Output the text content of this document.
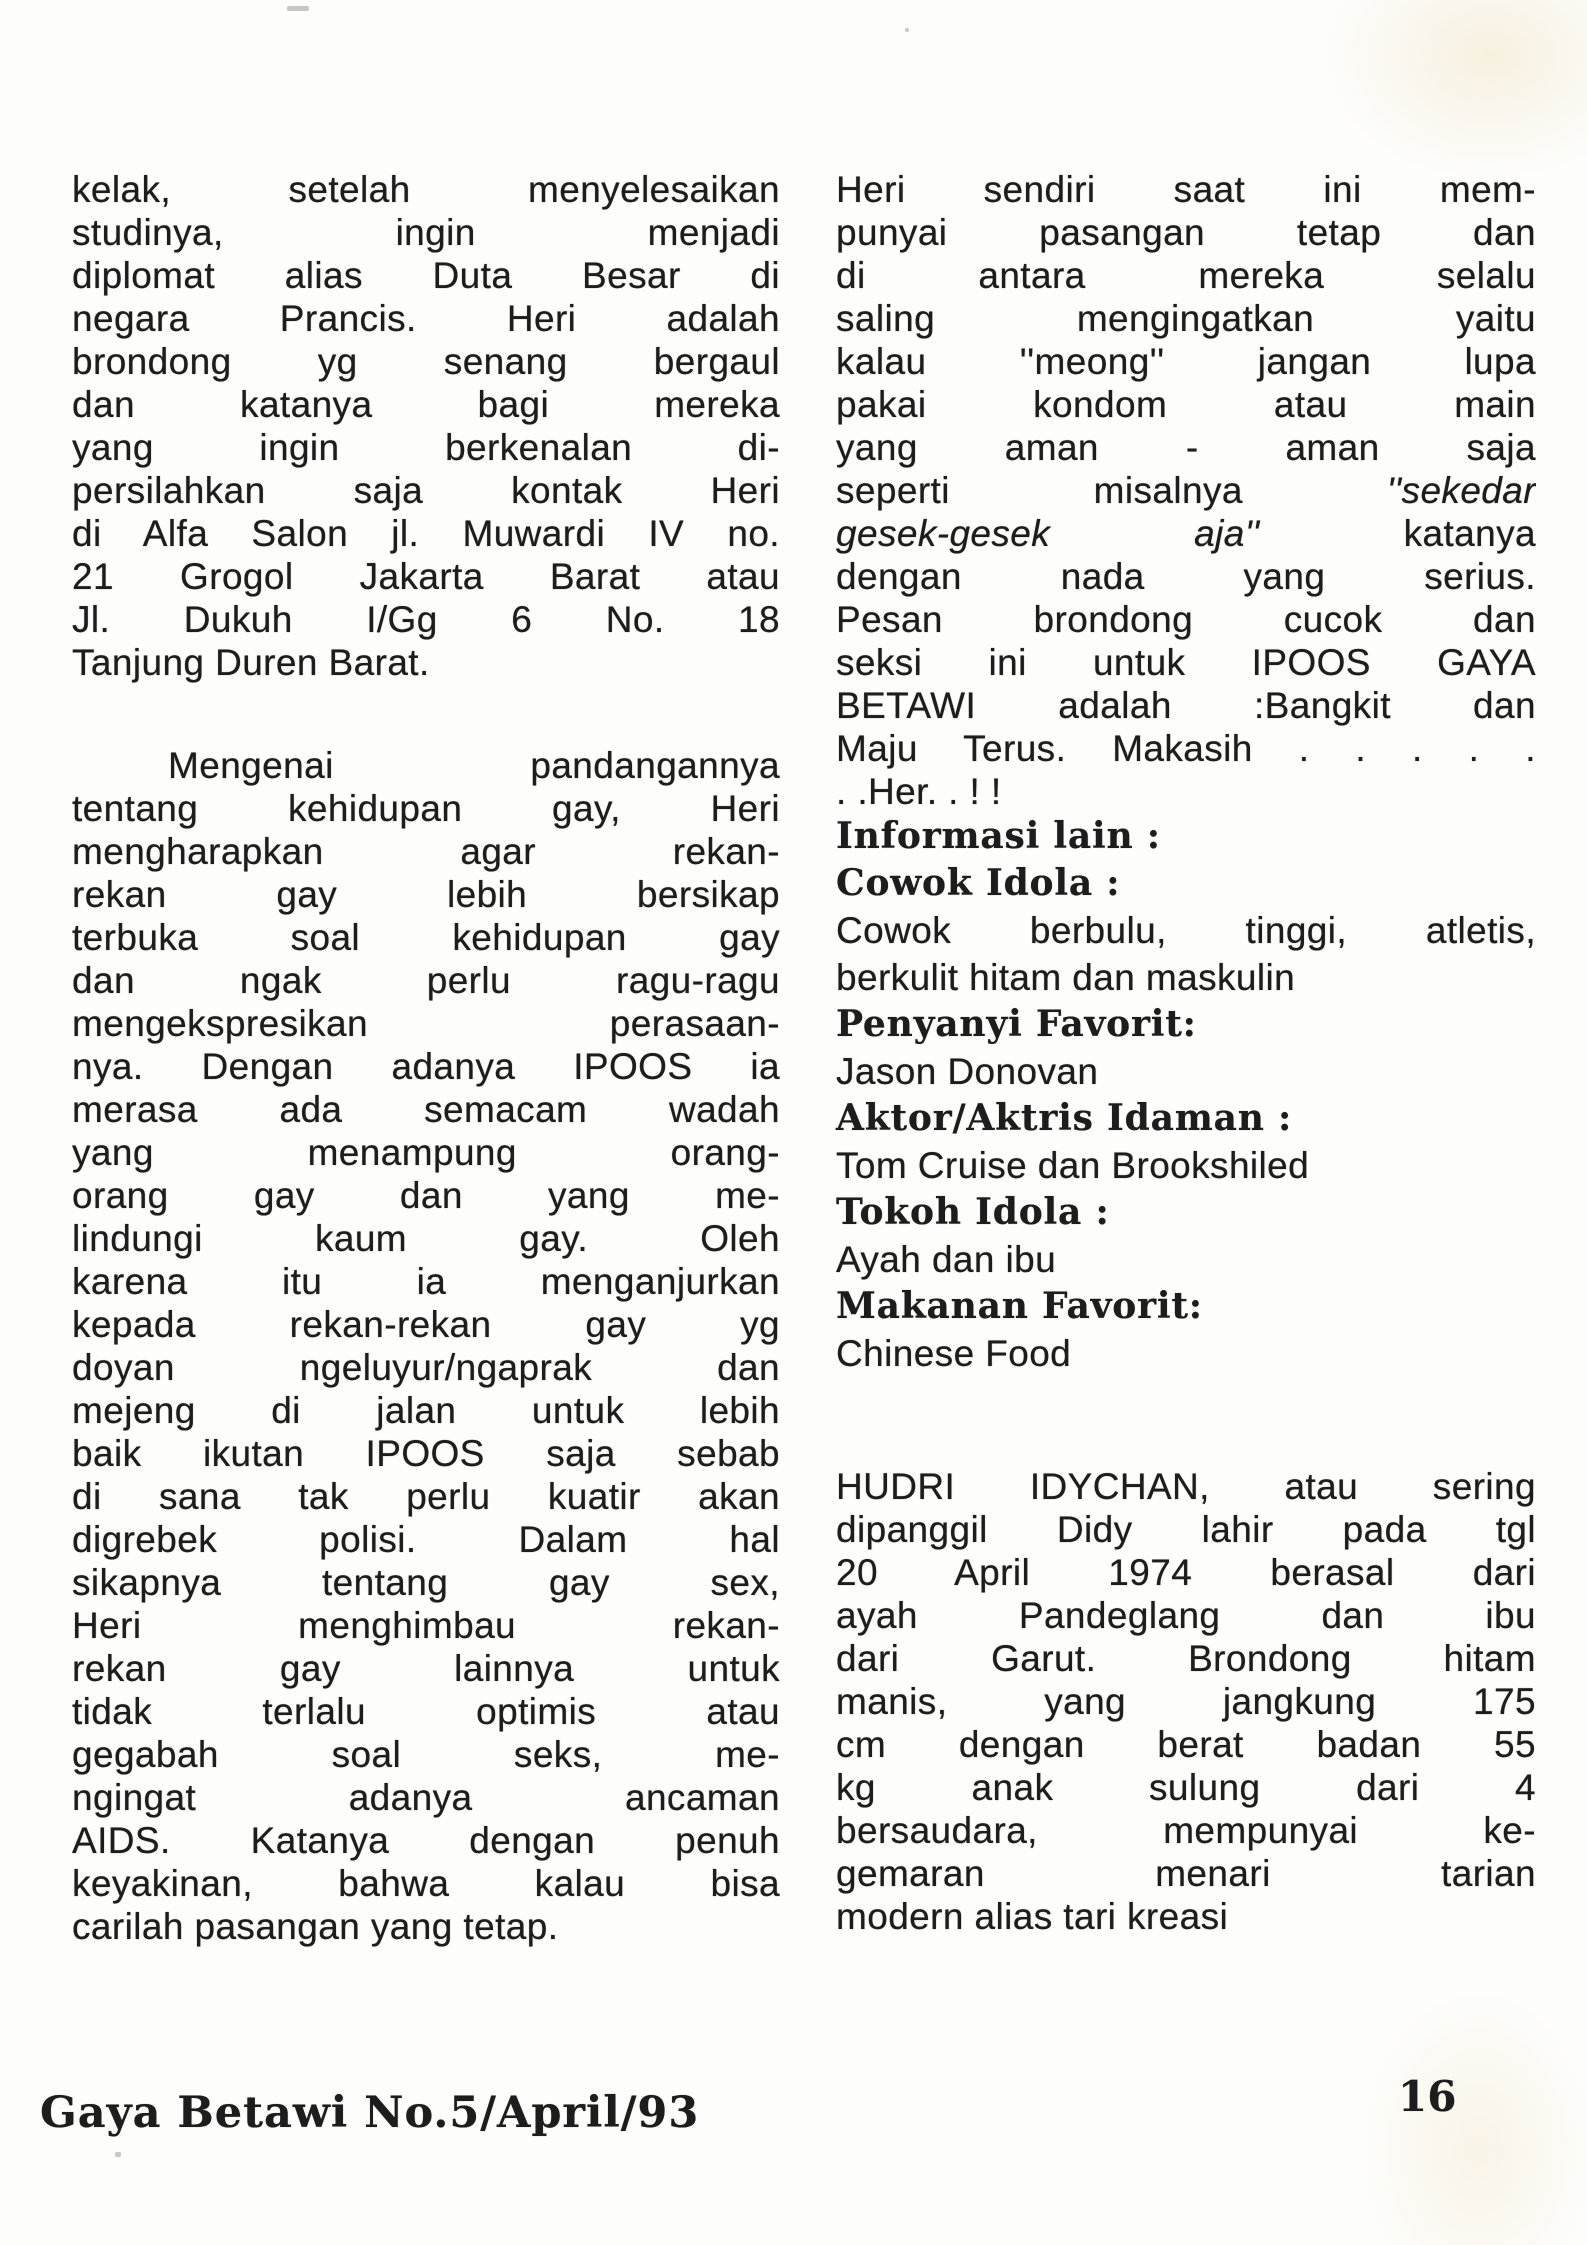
kelak, setelah menyelesaikan
studinya, ingin menjadi
diplomat alias Duta Besar di
negara Prancis. Heri adalah
brondong yg senang bergaul
dan katanya bagi mereka
yang ingin berkenalan di-
persilahkan saja kontak Heri
di Alfa Salon jl. Muwardi IV no.
21 Grogol Jakarta Barat atau
Jl. Dukuh I/Gg 6 No. 18
Tanjung Duren Barat.
Mengenai pandangannya
tentang kehidupan gay, Heri
mengharapkan agar rekan-
rekan gay lebih bersikap
terbuka soal kehidupan gay
dan ngak perlu ragu-ragu
mengekspresikan perasaan-
nya. Dengan adanya IPOOS ia
merasa ada semacam wadah
yang menampung orang-
orang gay dan yang me-
lindungi kaum gay. Oleh
karena itu ia menganjurkan
kepada rekan-rekan gay yg
doyan ngeluyur/ngaprak dan
mejeng di jalan untuk lebih
baik ikutan IPOOS saja sebab
di sana tak perlu kuatir akan
digrebek polisi. Dalam hal
sikapnya tentang gay sex,
Heri menghimbau rekan-
rekan gay lainnya untuk
tidak terlalu optimis atau
gegabah soal seks, me-
ngingat adanya ancaman
AIDS. Katanya dengan penuh
keyakinan, bahwa kalau bisa
carilah pasangan yang tetap.
Heri sendiri saat ini mem-
punyai pasangan tetap dan
di antara mereka selalu
saling mengingatkan yaitu
kalau ''meong'' jangan lupa
pakai kondom atau main
yang aman - aman saja
seperti misalnya ''sekedar
gesek-gesek aja'' katanya
dengan nada yang serius.
Pesan brondong cucok dan
seksi ini untuk IPOOS GAYA
BETAWI adalah :Bangkit dan
Maju Terus. Makasih . . . . .
. .Her. . ! !
Informasi lain :
Cowok Idola :
Cowok berbulu, tinggi, atletis,
berkulit hitam dan maskulin
Penyanyi Favorit:
Jason Donovan
Aktor/Aktris Idaman :
Tom Cruise dan Brookshiled
Tokoh Idola :
Ayah dan ibu
Makanan Favorit:
Chinese Food
HUDRI IDYCHAN, atau sering
dipanggil Didy lahir pada tgl
20 April 1974 berasal dari
ayah Pandeglang dan ibu
dari Garut. Brondong hitam
manis, yang jangkung 175
cm dengan berat badan 55
kg anak sulung dari 4
bersaudara, mempunyai ke-
gemaran menari tarian
modern alias tari kreasi
Gaya Betawi No.5/April/93	16
